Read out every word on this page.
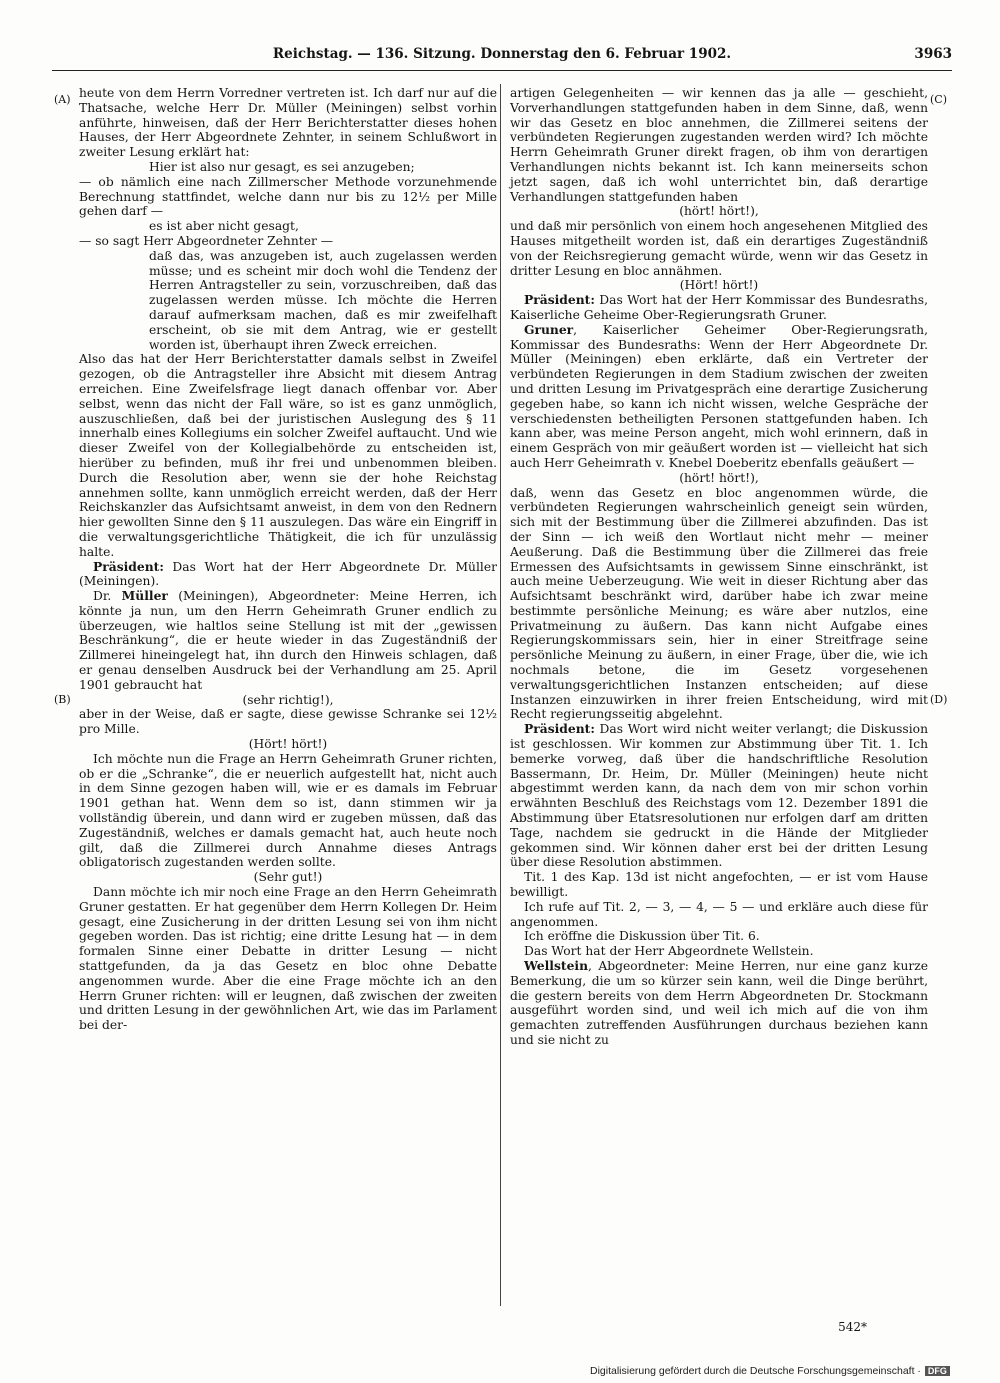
Reichstag. — 136. Sitzung. Donnerstag den 6. Februar 1902.	3963
(A)
(B)
(C)
(D)

heute von dem Herrn Vorredner vertreten ist. Ich darf nur auf die Thatsache, welche Herr Dr. Müller (Meiningen) selbst vorhin anführte, hinweisen, daß der Herr Berichterstatter dieses hohen Hauses, der Herr Abgeordnete Zehnter, in seinem Schlußwort in zweiter Lesung erklärt hat:

Hier ist also nur gesagt, es sei anzugeben;

— ob nämlich eine nach Zillmerscher Methode vorzunehmende Berechnung stattfindet, welche dann nur bis zu 12½ per Mille gehen darf —

es ist aber nicht gesagt,

— so sagt Herr Abgeordneter Zehnter —

daß das, was anzugeben ist, auch zugelassen werden müsse; und es scheint mir doch wohl die Tendenz der Herren Antragsteller zu sein, vorzuschreiben, daß das zugelassen werden müsse. Ich möchte die Herren darauf aufmerksam machen, daß es mir zweifelhaft erscheint, ob sie mit dem Antrag, wie er gestellt worden ist, überhaupt ihren Zweck erreichen.

Also das hat der Herr Berichterstatter damals selbst in Zweifel gezogen, ob die Antragsteller ihre Absicht mit diesem Antrag erreichen. Eine Zweifelsfrage liegt danach offenbar vor. Aber selbst, wenn das nicht der Fall wäre, so ist es ganz unmöglich, auszuschließen, daß bei der juristischen Auslegung des § 11 innerhalb eines Kollegiums ein solcher Zweifel auftaucht. Und wie dieser Zweifel von der Kollegialbehörde zu entscheiden ist, hierüber zu befinden, muß ihr frei und unbenommen bleiben. Durch die Resolution aber, wenn sie der hohe Reichstag annehmen sollte, kann unmöglich erreicht werden, daß der Herr Reichskanzler das Aufsichtsamt anweist, in dem von den Rednern hier gewollten Sinne den § 11 auszulegen. Das wäre ein Eingriff in die verwaltungsgerichtliche Thätigkeit, die ich für unzulässig halte.

Präsident: Das Wort hat der Herr Abgeordnete Dr. Müller (Meiningen).

Dr. Müller (Meiningen), Abgeordneter: Meine Herren, ich könnte ja nun, um den Herrn Geheimrath Gruner endlich zu überzeugen, wie haltlos seine Stellung ist mit der „gewissen Beschränkung“, die er heute wieder in das Zugeständniß der Zillmerei hineingelegt hat, ihn durch den Hinweis schlagen, daß er genau denselben Ausdruck bei der Verhandlung am 25. April 1901 gebraucht hat

(sehr richtig!),

aber in der Weise, daß er sagte, diese gewisse Schranke sei 12½ pro Mille.

(Hört! hört!)

Ich möchte nun die Frage an Herrn Geheimrath Gruner richten, ob er die „Schranke“, die er neuerlich aufgestellt hat, nicht auch in dem Sinne gezogen haben will, wie er es damals im Februar 1901 gethan hat. Wenn dem so ist, dann stimmen wir ja vollständig überein, und dann wird er zugeben müssen, daß das Zugeständniß, welches er damals gemacht hat, auch heute noch gilt, daß die Zillmerei durch Annahme dieses Antrags obligatorisch zugestanden werden sollte.

(Sehr gut!)

Dann möchte ich mir noch eine Frage an den Herrn Geheimrath Gruner gestatten. Er hat gegenüber dem Herrn Kollegen Dr. Heim gesagt, eine Zusicherung in der dritten Lesung sei von ihm nicht gegeben worden. Das ist richtig; eine dritte Lesung hat — in dem formalen Sinne einer Debatte in dritter Lesung — nicht stattgefunden, da ja das Gesetz en bloc ohne Debatte angenommen wurde. Aber die eine Frage möchte ich an den Herrn Gruner richten: will er leugnen, daß zwischen der zweiten und dritten Lesung in der gewöhnlichen Art, wie das im Parlament bei der-

artigen Gelegenheiten — wir kennen das ja alle — geschieht, Vorverhandlungen stattgefunden haben in dem Sinne, daß, wenn wir das Gesetz en bloc annehmen, die Zillmerei seitens der verbündeten Regierungen zugestanden werden wird? Ich möchte Herrn Geheimrath Gruner direkt fragen, ob ihm von derartigen Verhandlungen nichts bekannt ist. Ich kann meinerseits schon jetzt sagen, daß ich wohl unterrichtet bin, daß derartige Verhandlungen stattgefunden haben

(hört! hört!),

und daß mir persönlich von einem hoch angesehenen Mitglied des Hauses mitgetheilt worden ist, daß ein derartiges Zugeständniß von der Reichsregierung gemacht würde, wenn wir das Gesetz in dritter Lesung en bloc annähmen.

(Hört! hört!)

Präsident: Das Wort hat der Herr Kommissar des Bundesraths, Kaiserliche Geheime Ober-Regierungsrath Gruner.

Gruner, Kaiserlicher Geheimer Ober-Regierungsrath, Kommissar des Bundesraths: Wenn der Herr Abgeordnete Dr. Müller (Meiningen) eben erklärte, daß ein Vertreter der verbündeten Regierungen in dem Stadium zwischen der zweiten und dritten Lesung im Privatgespräch eine derartige Zusicherung gegeben habe, so kann ich nicht wissen, welche Gespräche der verschiedensten betheiligten Personen stattgefunden haben. Ich kann aber, was meine Person angeht, mich wohl erinnern, daß in einem Gespräch von mir geäußert worden ist — vielleicht hat sich auch Herr Geheimrath v. Knebel Doeberitz ebenfalls geäußert —

(hört! hört!),

daß, wenn das Gesetz en bloc angenommen würde, die verbündeten Regierungen wahrscheinlich geneigt sein würden, sich mit der Bestimmung über die Zillmerei abzufinden. Das ist der Sinn — ich weiß den Wortlaut nicht mehr — meiner Aeußerung. Daß die Bestimmung über die Zillmerei das freie Ermessen des Aufsichtsamts in gewissem Sinne einschränkt, ist auch meine Ueberzeugung. Wie weit in dieser Richtung aber das Aufsichtsamt beschränkt wird, darüber habe ich zwar meine bestimmte persönliche Meinung; es wäre aber nutzlos, eine Privatmeinung zu äußern. Das kann nicht Aufgabe eines Regierungskommissars sein, hier in einer Streitfrage seine persönliche Meinung zu äußern, in einer Frage, über die, wie ich nochmals betone, die im Gesetz vorgesehenen verwaltungsgerichtlichen Instanzen entscheiden; auf diese Instanzen einzuwirken in ihrer freien Entscheidung, wird mit Recht regierungsseitig abgelehnt.

Präsident: Das Wort wird nicht weiter verlangt; die Diskussion ist geschlossen. Wir kommen zur Abstimmung über Tit. 1. Ich bemerke vorweg, daß über die handschriftliche Resolution Bassermann, Dr. Heim, Dr. Müller (Meiningen) heute nicht abgestimmt werden kann, da nach dem von mir schon vorhin erwähnten Beschluß des Reichstags vom 12. Dezember 1891 die Abstimmung über Etatsresolutionen nur erfolgen darf am dritten Tage, nachdem sie gedruckt in die Hände der Mitglieder gekommen sind. Wir können daher erst bei der dritten Lesung über diese Resolution abstimmen.

Tit. 1 des Kap. 13d ist nicht angefochten, — er ist vom Hause bewilligt.

Ich rufe auf Tit. 2, — 3, — 4, — 5 — und erkläre auch diese für angenommen.

Ich eröffne die Diskussion über Tit. 6.

Das Wort hat der Herr Abgeordnete Wellstein.

Wellstein, Abgeordneter: Meine Herren, nur eine ganz kurze Bemerkung, die um so kürzer sein kann, weil die Dinge berührt, die gestern bereits von dem Herrn Abgeordneten Dr. Stockmann ausgeführt worden sind, und weil ich mich auf die von ihm gemachten zutreffenden Ausführungen durchaus beziehen kann und sie nicht zu

542*
Digitalisierung gefördert durch die Deutsche Forschungsgemeinschaft · DFG
